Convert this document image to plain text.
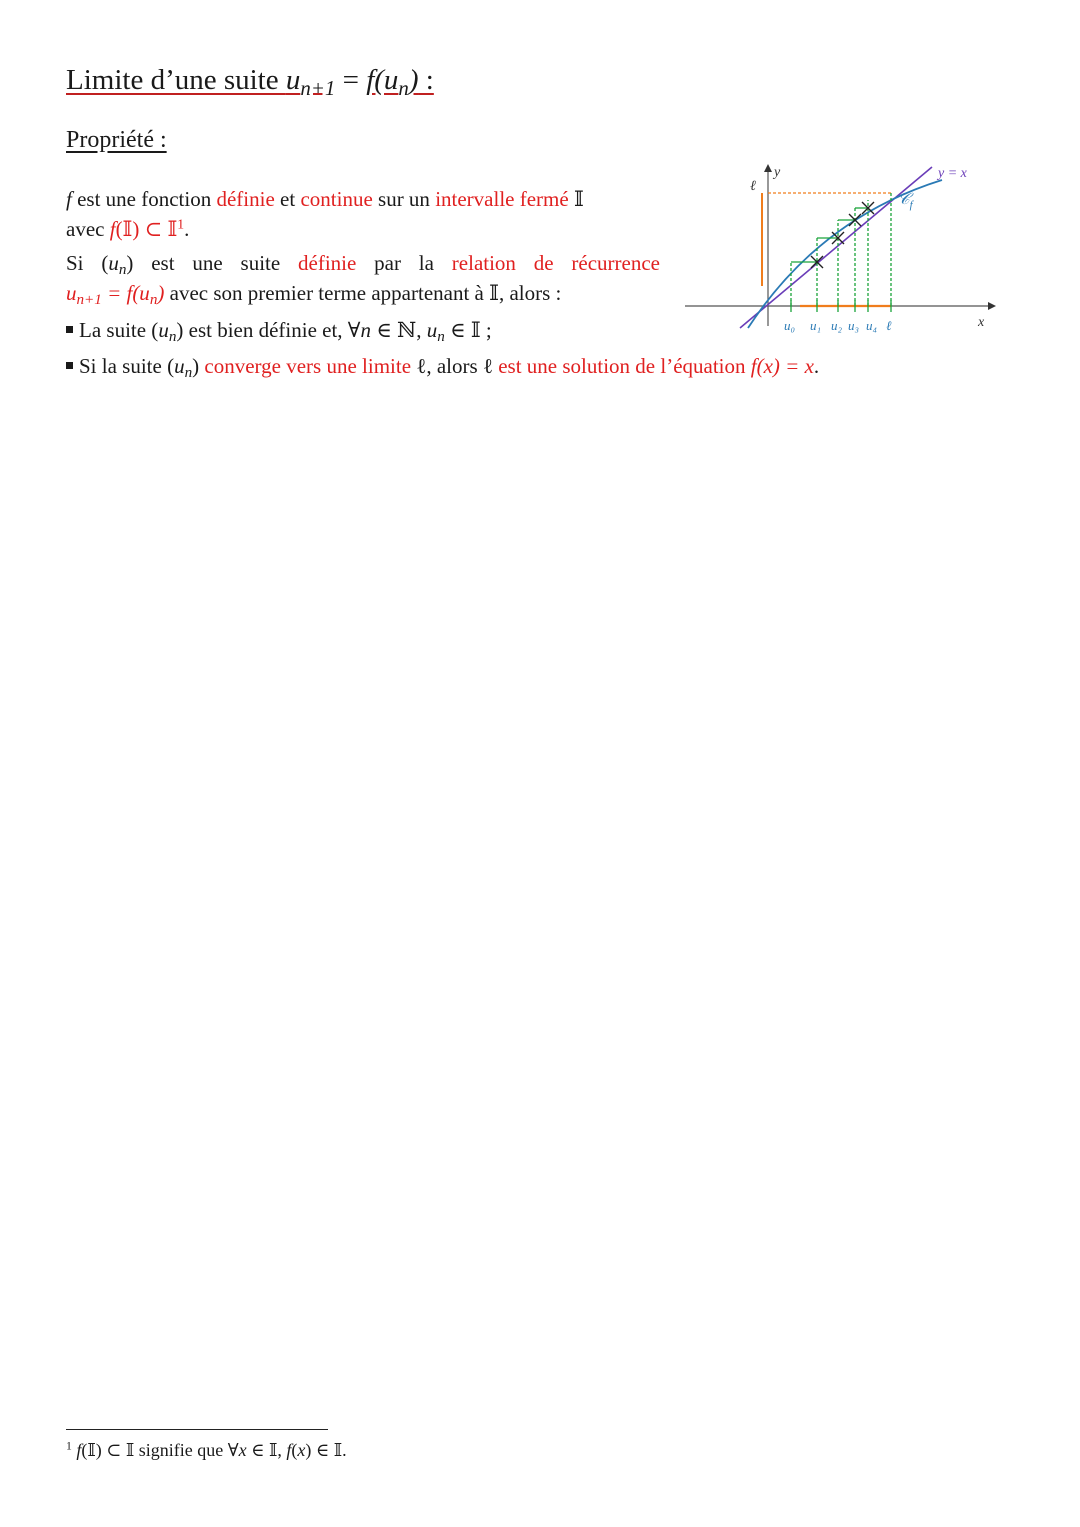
Limite d’une suite $u_{n+1} = f(u_n)$ :
Propriété :
f est une fonction définie et continue sur un intervalle fermé 𝕀
avec f(𝕀) ⊂ 𝕀$^1$.
Si $(u_n)$ est une suite définie par la relation de récurrence
$u_{n+1} = f(u_n)$ avec son premier terme appartenant à 𝕀, alors :
La suite $(u_n)$ est bien définie et, ∀n ∈ ℕ, $u_n$ ∈ 𝕀 ;
Si la suite $(u_n)$ converge vers une limite ℓ, alors ℓ est une solution de l’équation f(x) = x.
ℓ
y
x
y = x
𝒞$_f$
u₀ u₁ u₂ u₃ u₄ ℓ
$^1$ f(𝕀) ⊂ 𝕀 signifie que ∀x ∈ 𝕀, f(x) ∈ 𝕀.
